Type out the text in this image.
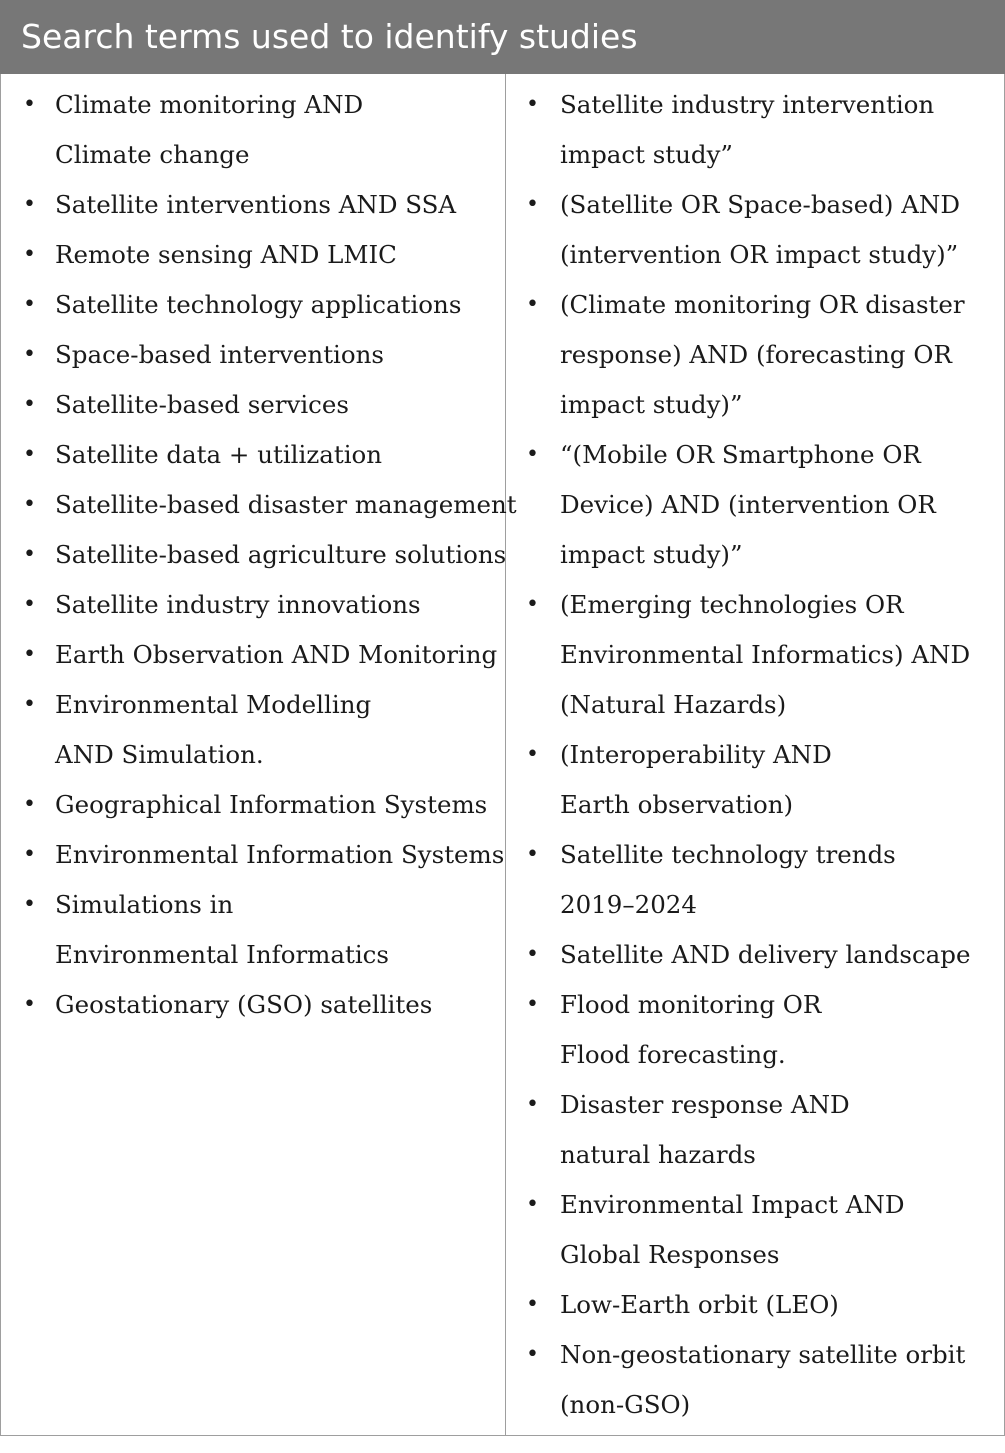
Search terms used to identify studies
• Climate monitoring AND
Climate change
• Satellite interventions AND SSA
• Remote sensing AND LMIC
• Satellite technology applications
• Space-based interventions
• Satellite-based services
• Satellite data + utilization
• Satellite-based disaster management
• Satellite-based agriculture solutions
• Satellite industry innovations
• Earth Observation AND Monitoring
• Environmental Modelling
AND Simulation.
• Geographical Information Systems
• Environmental Information Systems
• Simulations in
Environmental Informatics
• Geostationary (GSO) satellites
• Satellite industry intervention
impact study”
• (Satellite OR Space-based) AND
(intervention OR impact study)”
• (Climate monitoring OR disaster
response) AND (forecasting OR
impact study)”
• “(Mobile OR Smartphone OR
Device) AND (intervention OR
impact study)”
• (Emerging technologies OR
Environmental Informatics) AND
(Natural Hazards)
• (Interoperability AND
Earth observation)
• Satellite technology trends
2019–2024
• Satellite AND delivery landscape
• Flood monitoring OR
Flood forecasting.
• Disaster response AND
natural hazards
• Environmental Impact AND
Global Responses
• Low-Earth orbit (LEO)
• Non-geostationary satellite orbit
(non-GSO)
